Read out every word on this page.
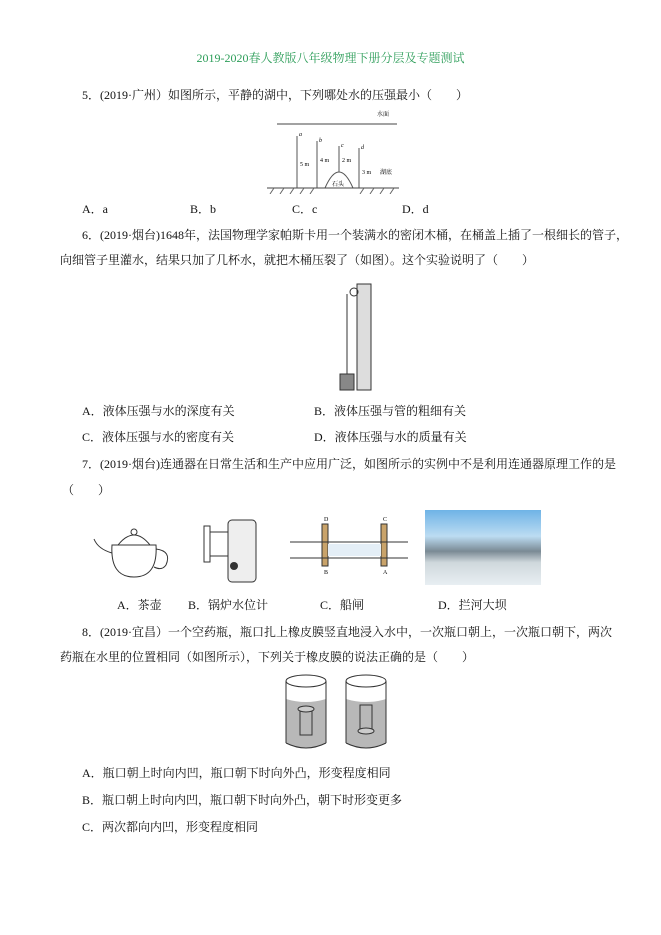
2019-2020春人教版八年级物理下册分层及专题测试
5．(2019·广州）如图所示，平静的湖中，下列哪处水的压强最小（　　）
a
b
c	d
5 m
4 m 2 m
3 m
水面
湖底
石头
A．a	B．b	C．c	D．d
6．(2019·烟台)1648年，法国物理学家帕斯卡用一个装满水的密闭木桶，在桶盖上插了一根细长的管子，
向细管子里灌水，结果只加了几杯水，就把木桶压裂了（如图）。这个实验说明了（　　）
A．液体压强与水的深度有关	B．液体压强与管的粗细有关
C．液体压强与水的密度有关	D．液体压强与水的质量有关
7．(2019·烟台)连通器在日常生活和生产中应用广泛，如图所示的实例中不是利用连通器原理工作的是
（　　）
D	C
B	A
A．茶壶 B．锅炉水位计	C．船闸	D．拦河大坝
8．(2019·宜昌）一个空药瓶，瓶口扎上橡皮膜竖直地浸入水中，一次瓶口朝上，一次瓶口朝下，两次
药瓶在水里的位置相同（如图所示），下列关于橡皮膜的说法正确的是（　　）
A．瓶口朝上时向内凹，瓶口朝下时向外凸，形变程度相同
B．瓶口朝上时向内凹，瓶口朝下时向外凸，朝下时形变更多
C．两次都向内凹，形变程度相同
